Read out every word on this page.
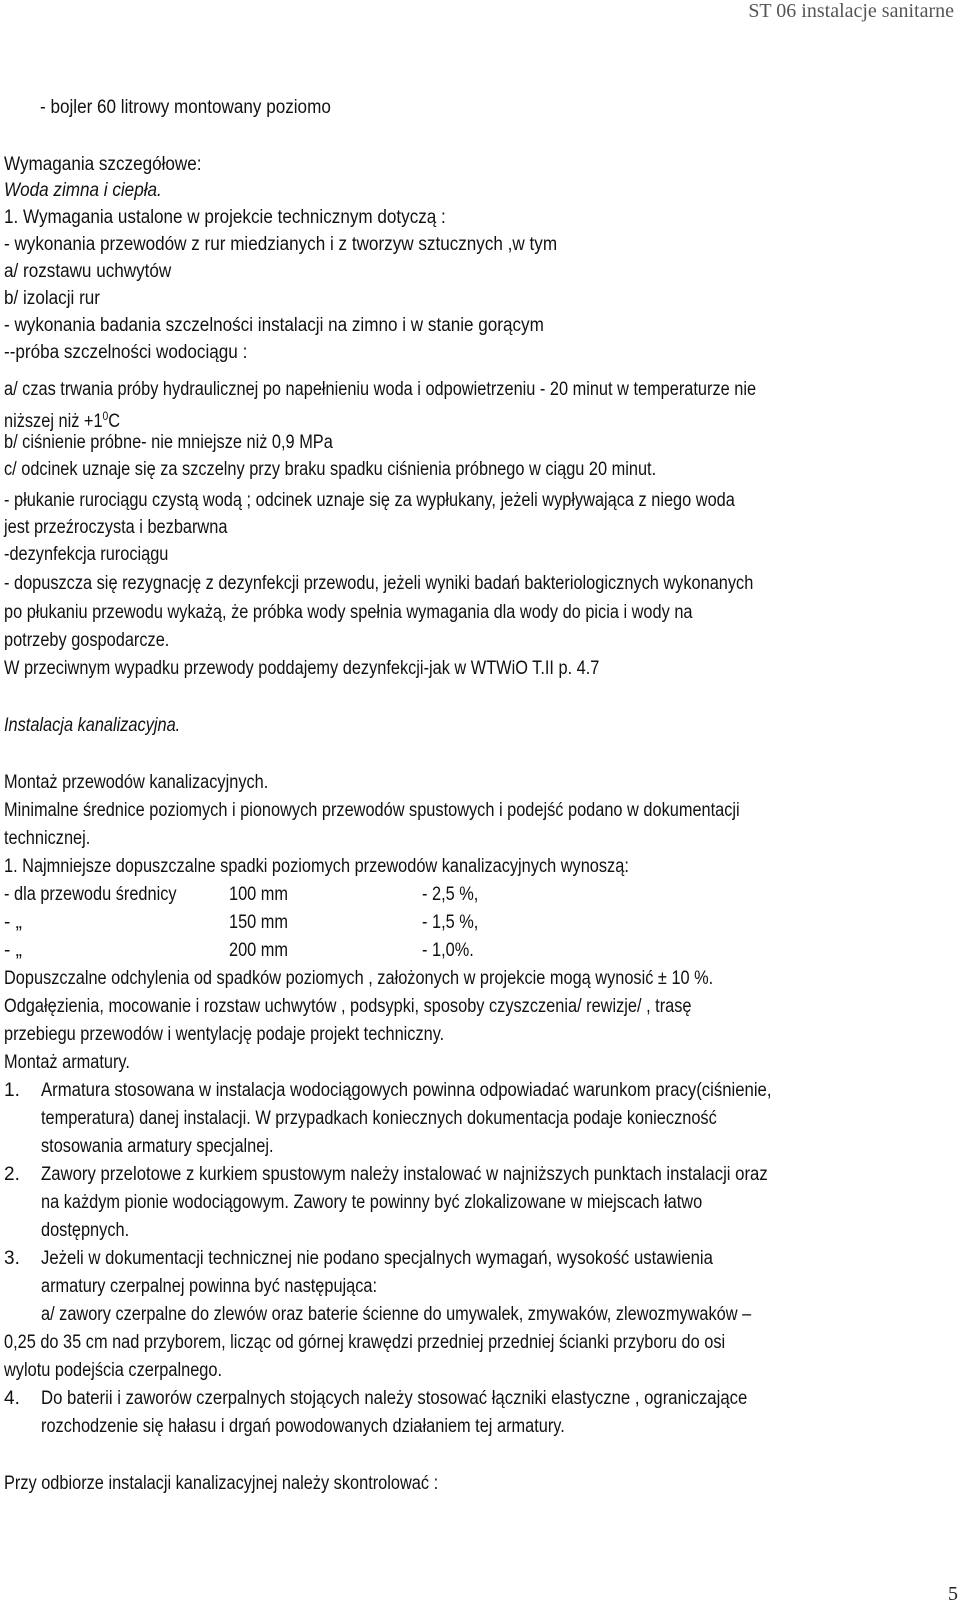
ST 06 instalacje sanitarne
- bojler 60 litrowy montowany poziomo
Wymagania szczegółowe:
Woda zimna i ciepła.
1. Wymagania ustalone w projekcie technicznym dotyczą :
- wykonania przewodów z rur miedzianych i z tworzyw sztucznych ,w tym
a/ rozstawu uchwytów
b/ izolacji rur
- wykonania badania szczelności instalacji na zimno i w stanie gorącym
--próba szczelności wodociągu :
a/ czas trwania próby hydraulicznej po napełnieniu woda i odpowietrzeniu - 20 minut w temperaturze nie
niższej niż $+1^0C$
b/ ciśnienie próbne- nie mniejsze niż 0,9 MPa
c/ odcinek uznaje się za szczelny przy braku spadku ciśnienia próbnego w ciągu 20 minut.
- płukanie rurociągu czystą wodą ; odcinek uznaje się za wypłukany, jeżeli wypływająca z niego woda
jest przeźroczysta i bezbarwna
-dezynfekcja rurociągu
- dopuszcza się rezygnację z dezynfekcji przewodu, jeżeli wyniki badań bakteriologicznych wykonanych
po płukaniu przewodu wykażą, że próbka wody spełnia wymagania dla wody do picia i wody na
potrzeby gospodarcze.
W przeciwnym wypadku przewody poddajemy dezynfekcji-jak w WTWiO T.II p. 4.7
Instalacja kanalizacyjna.
Montaż przewodów kanalizacyjnych.
Minimalne średnice poziomych i pionowych przewodów spustowych i podejść podano w dokumentacji
technicznej.
1. Najmniejsze dopuszczalne spadki poziomych przewodów kanalizacyjnych wynoszą:
- dla przewodu średnicy	100 mm	- 2,5 %,
- „	150 mm	- 1,5 %,
- „	200 mm	- 1,0%.
Dopuszczalne odchylenia od spadków poziomych , założonych w projekcie mogą wynosić ± 10 %.
Odgałęzienia, mocowanie i rozstaw uchwytów , podsypki, sposoby czyszczenia/ rewizje/ , trasę
przebiegu przewodów i wentylację podaje projekt techniczny.
Montaż armatury.
1. Armatura stosowana w instalacja wodociągowych powinna odpowiadać warunkom pracy(ciśnienie,
temperatura) danej instalacji. W przypadkach koniecznych dokumentacja podaje konieczność
stosowania armatury specjalnej.
2. Zawory przelotowe z kurkiem spustowym należy instalować w najniższych punktach instalacji oraz
na każdym pionie wodociągowym. Zawory te powinny być zlokalizowane w miejscach łatwo
dostępnych.
3. Jeżeli w dokumentacji technicznej nie podano specjalnych wymagań, wysokość ustawienia
armatury czerpalnej powinna być następująca:
a/ zawory czerpalne do zlewów oraz baterie ścienne do umywalek, zmywaków, zlewozmywaków –
0,25 do 35 cm nad przyborem, licząc od górnej krawędzi przedniej przedniej ścianki przyboru do osi
wylotu podejścia czerpalnego.
4. Do baterii i zaworów czerpalnych stojących należy stosować łączniki elastyczne , ograniczające
rozchodzenie się hałasu i drgań powodowanych działaniem tej armatury.
Przy odbiorze instalacji kanalizacyjnej należy skontrolować :
5
